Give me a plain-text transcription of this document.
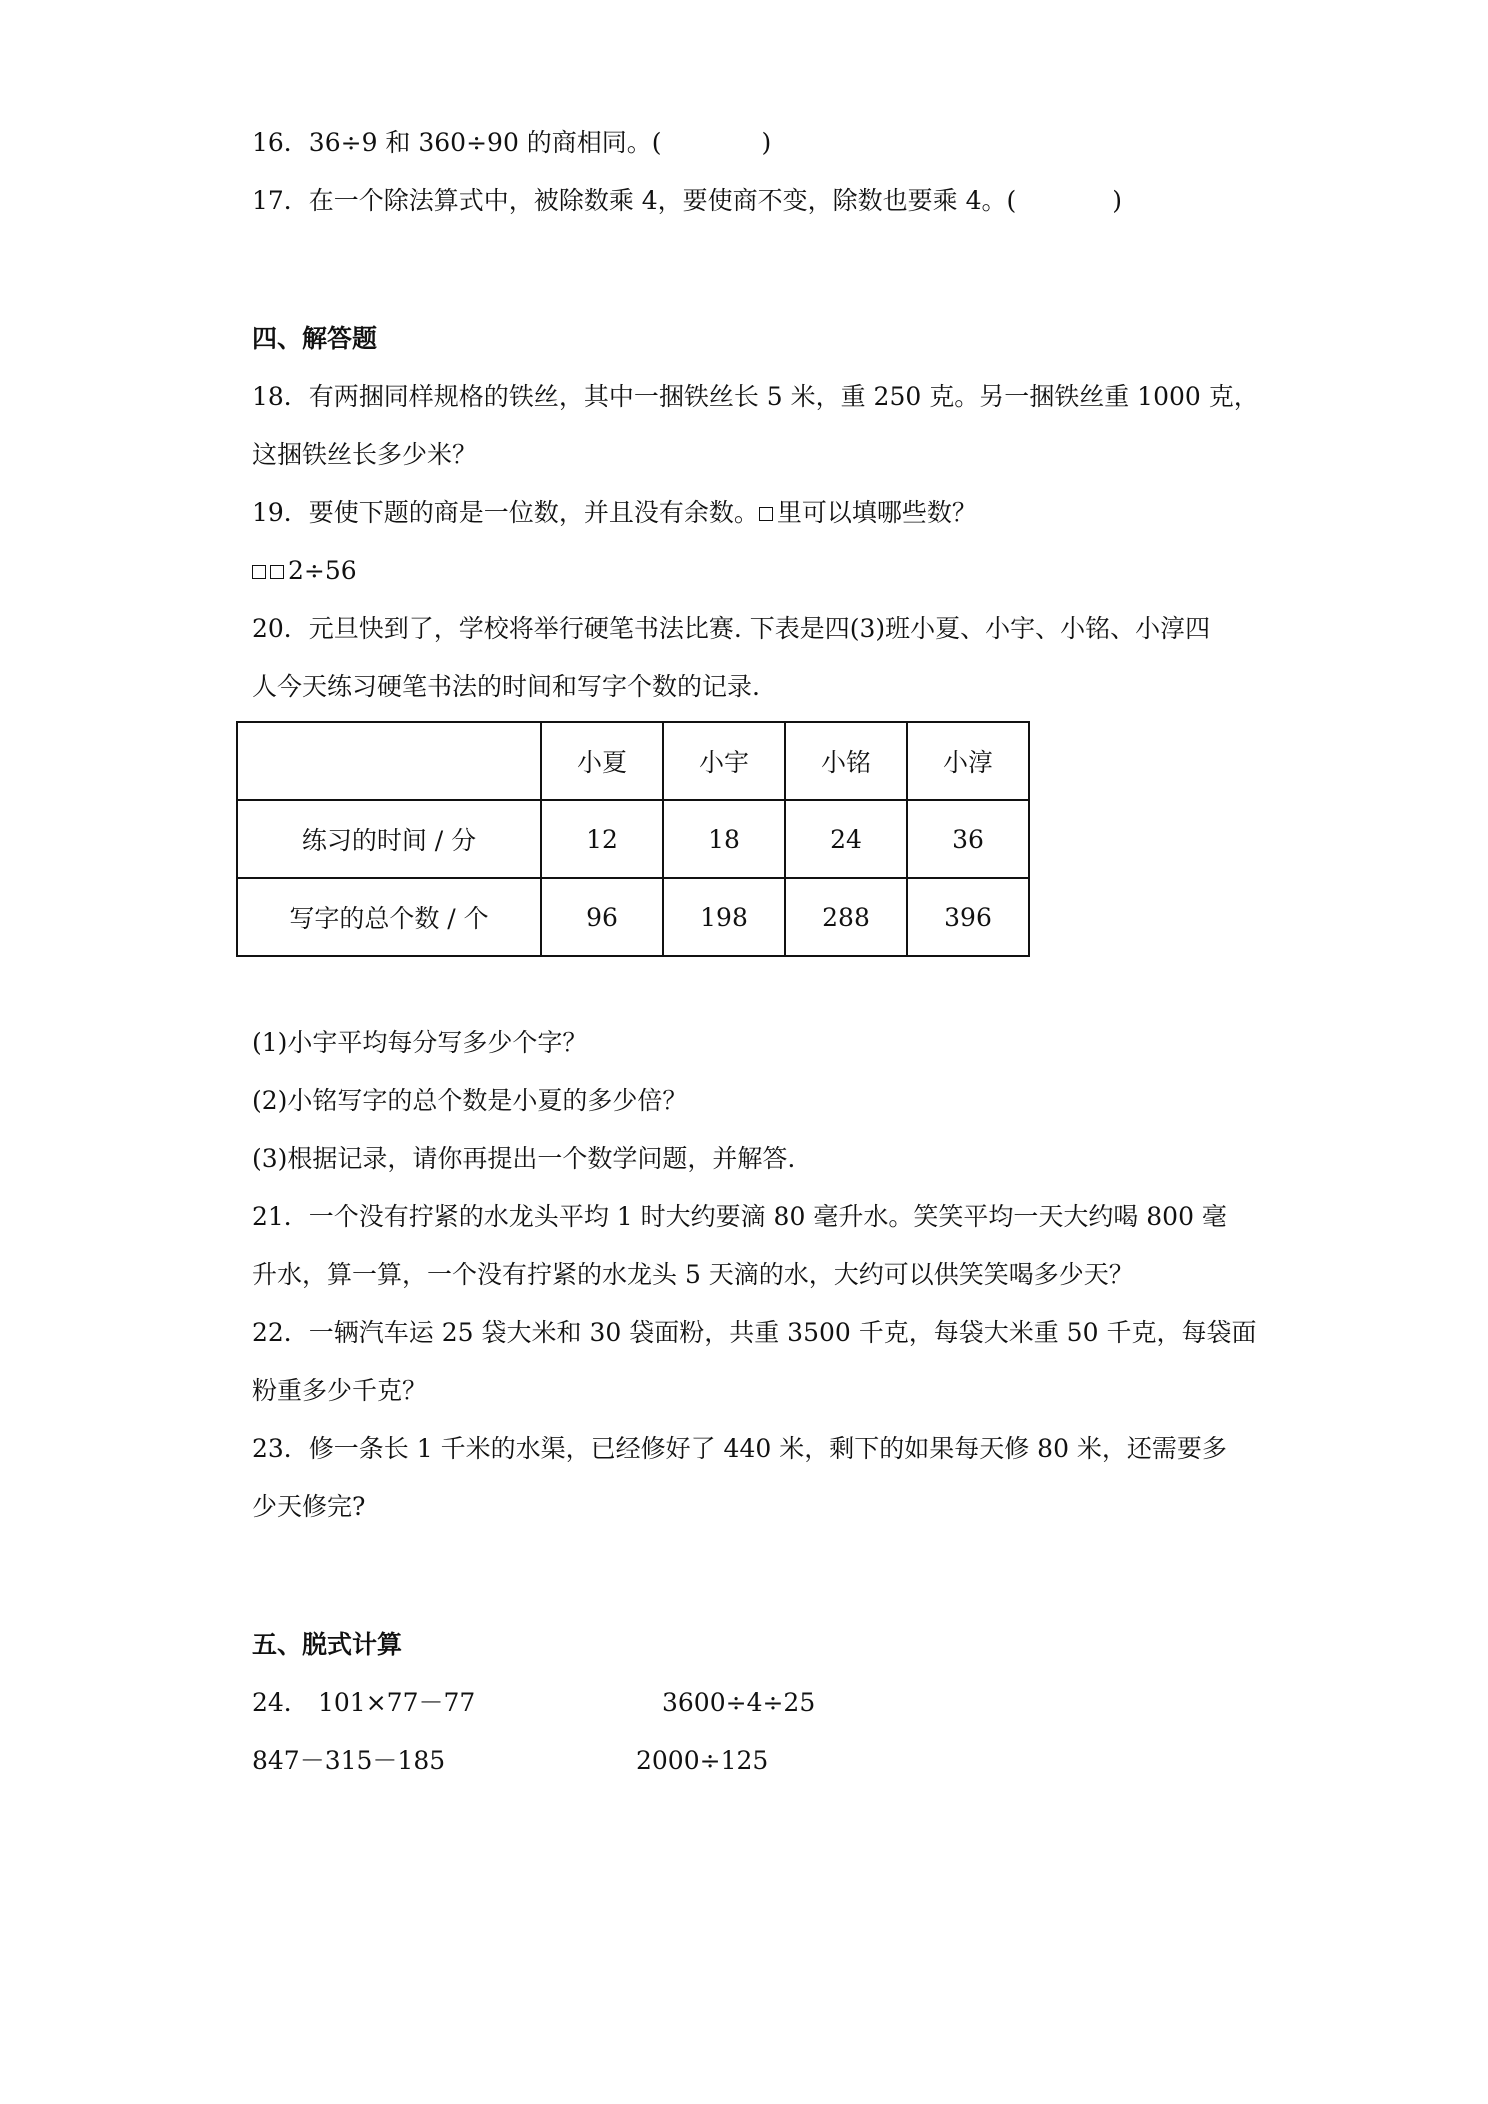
16．36÷9 和 360÷90 的商相同。(	)
17．在一个除法算式中，被除数乘 4，要使商不变，除数也要乘 4。(	)
四、解答题
18．有两捆同样规格的铁丝，其中一捆铁丝长 5 米，重 250 克。另一捆铁丝重 1000 克，
这捆铁丝长多少米？
19．要使下题的商是一位数，并且没有余数。 里可以填哪些数？
2÷56
20．元旦快到了，学校将举行硬笔书法比赛. 下表是四(3)班小夏、小宇、小铭、小淳四
人今天练习硬笔书法的时间和写字个数的记录.
	小夏	小宇	小铭	小淳
练习的时间 / 分	12	18	24	36
写字的总个数 / 个	96	198	288	396
(1)小宇平均每分写多少个字？
(2)小铭写字的总个数是小夏的多少倍？
(3)根据记录，请你再提出一个数学问题，并解答.
21．一个没有拧紧的水龙头平均 1 时大约要滴 80 毫升水。笑笑平均一天大约喝 800 毫
升水，算一算，一个没有拧紧的水龙头 5 天滴的水，大约可以供笑笑喝多少天？
22．一辆汽车运 25 袋大米和 30 袋面粉，共重 3500 千克，每袋大米重 50 千克，每袋面
粉重多少千克？
23．修一条长 1 千米的水渠，已经修好了 440 米，剩下的如果每天修 80 米，还需要多
少天修完?
五、脱式计算
24． 101×77－77	3600÷4÷25
847－315－185	2000÷125
